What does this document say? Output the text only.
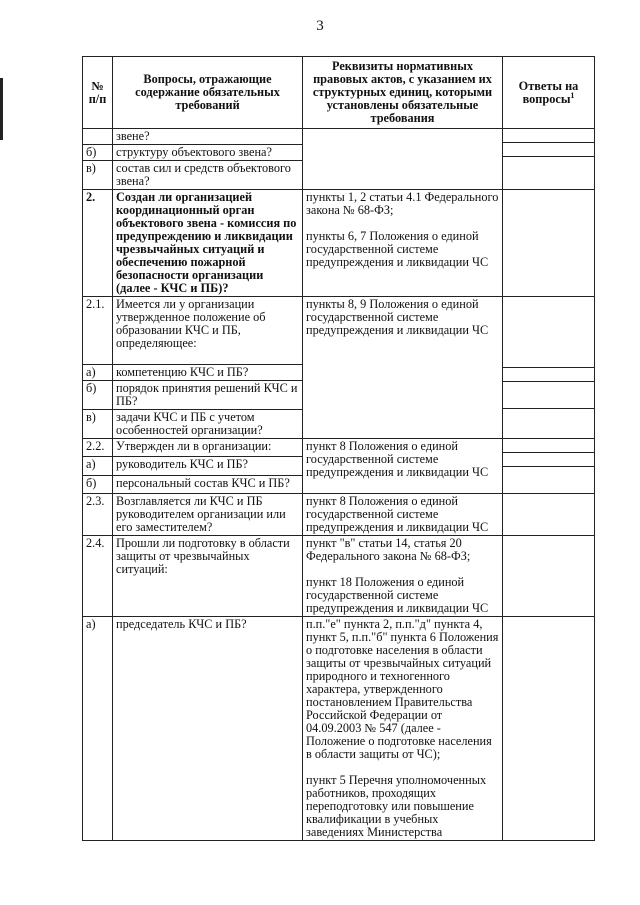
3
№ п/п	Вопросы, отражающие содержание обязательных требований	Реквизиты нормативных правовых актов, с указанием их структурных единиц, которыми установлены обязательные требования	Ответы на вопросы$^1$
	звене?		

б)	структуру объектового звена?		
в)	состав сил и средств объектового звена?		
2.	Создан ли организацией координационный орган объектового звена - комиссия по предупреждению и ликвидации чрезвычайных ситуаций и обеспечению пожарной безопасности организации (далее - КЧС и ПБ)?	пункты 1, 2 статьи 4.1 Федерального закона № 68-ФЗ;

пункты 6, 7 Положения о единой государственной системе предупреждения и ликвидации ЧС	

2.1.	Имеется ли у организации утвержденное положение об образовании КЧС и ПБ, определяющее:	пункты 8, 9 Положения о единой государственной системе предупреждения и ликвидации ЧС	

а)	компетенцию КЧС и ПБ?		
б)	порядок принятия решений КЧС и ПБ?		
в)	задачи КЧС и ПБ с учетом особенностей организации?		
2.2.	Утвержден ли в организации:	пункт 8 Положения о единой государственной системе предупреждения и ликвидации ЧС	

а)	руководитель КЧС и ПБ?		
б)	персональный состав КЧС и ПБ?		
2.3.	Возглавляется ли КЧС и ПБ руководителем организации или его заместителем?	пункт 8 Положения о единой государственной системе предупреждения и ликвидации ЧС	

2.4.	Прошли ли подготовку в области защиты от чрезвычайных ситуаций:	пункт "в" статьи 14, статья 20 Федерального закона № 68-ФЗ;

пункт 18 Положения о единой государственной системе предупреждения и ликвидации ЧС	

а)	председатель КЧС и ПБ?	п.п."е" пункта 2, п.п."д" пункта 4, пункт 5, п.п."б" пункта 6 Положения о подготовке населения в области защиты от чрезвычайных ситуаций природного и техногенного характера, утвержденного постановлением Правительства Российской Федерации от 04.09.2003 № 547 (далее - Положение о подготовке населения в области защиты от ЧС);

пункт 5 Перечня уполномоченных работников, проходящих переподготовку или повышение квалификации в учебных заведениях Министерства	
